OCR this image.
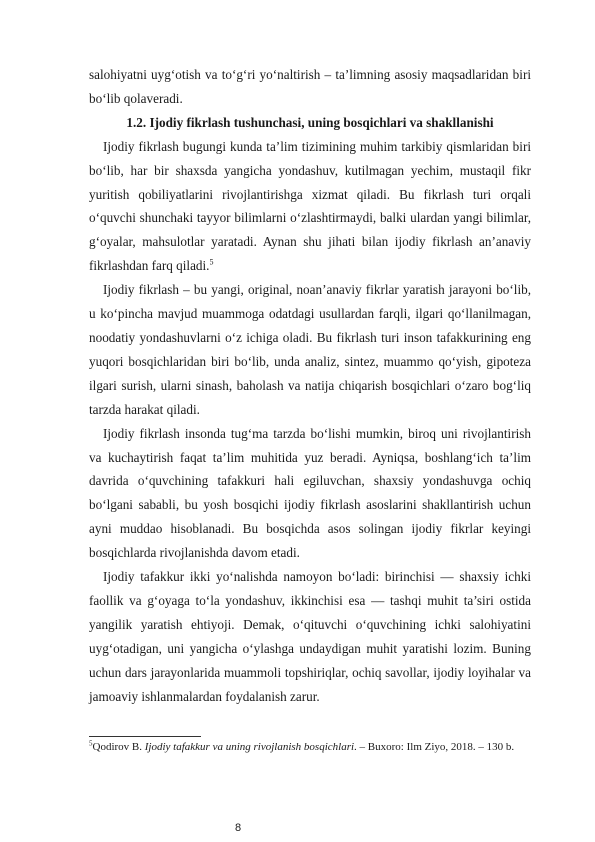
salohiyatni uyg‘otish va to‘g‘ri yo‘naltirish – ta’limning asosiy maqsadlaridan biri bo‘lib qolaveradi.

1.2. Ijodiy fikrlash tushunchasi, uning bosqichlari va shakllanishi

Ijodiy fikrlash bugungi kunda ta’lim tizimining muhim tarkibiy qismlaridan biri bo‘lib, har bir shaxsda yangicha yondashuv, kutilmagan yechim, mustaqil fikr yuritish qobiliyatlarini rivojlantirishga xizmat qiladi. Bu fikrlash turi orqali o‘quvchi shunchaki tayyor bilimlarni o‘zlashtirmaydi, balki ulardan yangi bilimlar, g‘oyalar, mahsulotlar yaratadi. Aynan shu jihati bilan ijodiy fikrlash an’anaviy fikrlashdan farq qiladi.$^5$

Ijodiy fikrlash – bu yangi, original, noan’anaviy fikrlar yaratish jarayoni bo‘lib, u ko‘pincha mavjud muammoga odatdagi usullardan farqli, ilgari qo‘llanilmagan, noodatiy yondashuvlarni o‘z ichiga oladi. Bu fikrlash turi inson tafakkurining eng yuqori bosqichlaridan biri bo‘lib, unda analiz, sintez, muammo qo‘yish, gipoteza ilgari surish, ularni sinash, baholash va natija chiqarish bosqichlari o‘zaro bog‘liq tarzda harakat qiladi.

Ijodiy fikrlash insonda tug‘ma tarzda bo‘lishi mumkin, biroq uni rivojlantirish va kuchaytirish faqat ta’lim muhitida yuz beradi. Ayniqsa, boshlang‘ich ta’lim davrida o‘quvchining tafakkuri hali egiluvchan, shaxsiy yondashuvga ochiq bo‘lgani sababli, bu yosh bosqichi ijodiy fikrlash asoslarini shakllantirish uchun ayni muddao hisoblanadi. Bu bosqichda asos solingan ijodiy fikrlar keyingi bosqichlarda rivojlanishda davom etadi.

Ijodiy tafakkur ikki yo‘nalishda namoyon bo‘ladi: birinchisi — shaxsiy ichki faollik va g‘oyaga to‘la yondashuv, ikkinchisi esa — tashqi muhit ta’siri ostida yangilik yaratish ehtiyoji. Demak, o‘qituvchi o‘quvchining ichki salohiyatini uyg‘otadigan, uni yangicha o‘ylashga undaydigan muhit yaratishi lozim. Buning uchun dars jarayonlarida muammoli topshiriqlar, ochiq savollar, ijodiy loyihalar va jamoaviy ishlanmalardan foydalanish zarur.

$^5$Qodirov B. Ijodiy tafakkur va uning rivojlanish bosqichlari. – Buxoro: Ilm Ziyo, 2018. – 130 b.
8
